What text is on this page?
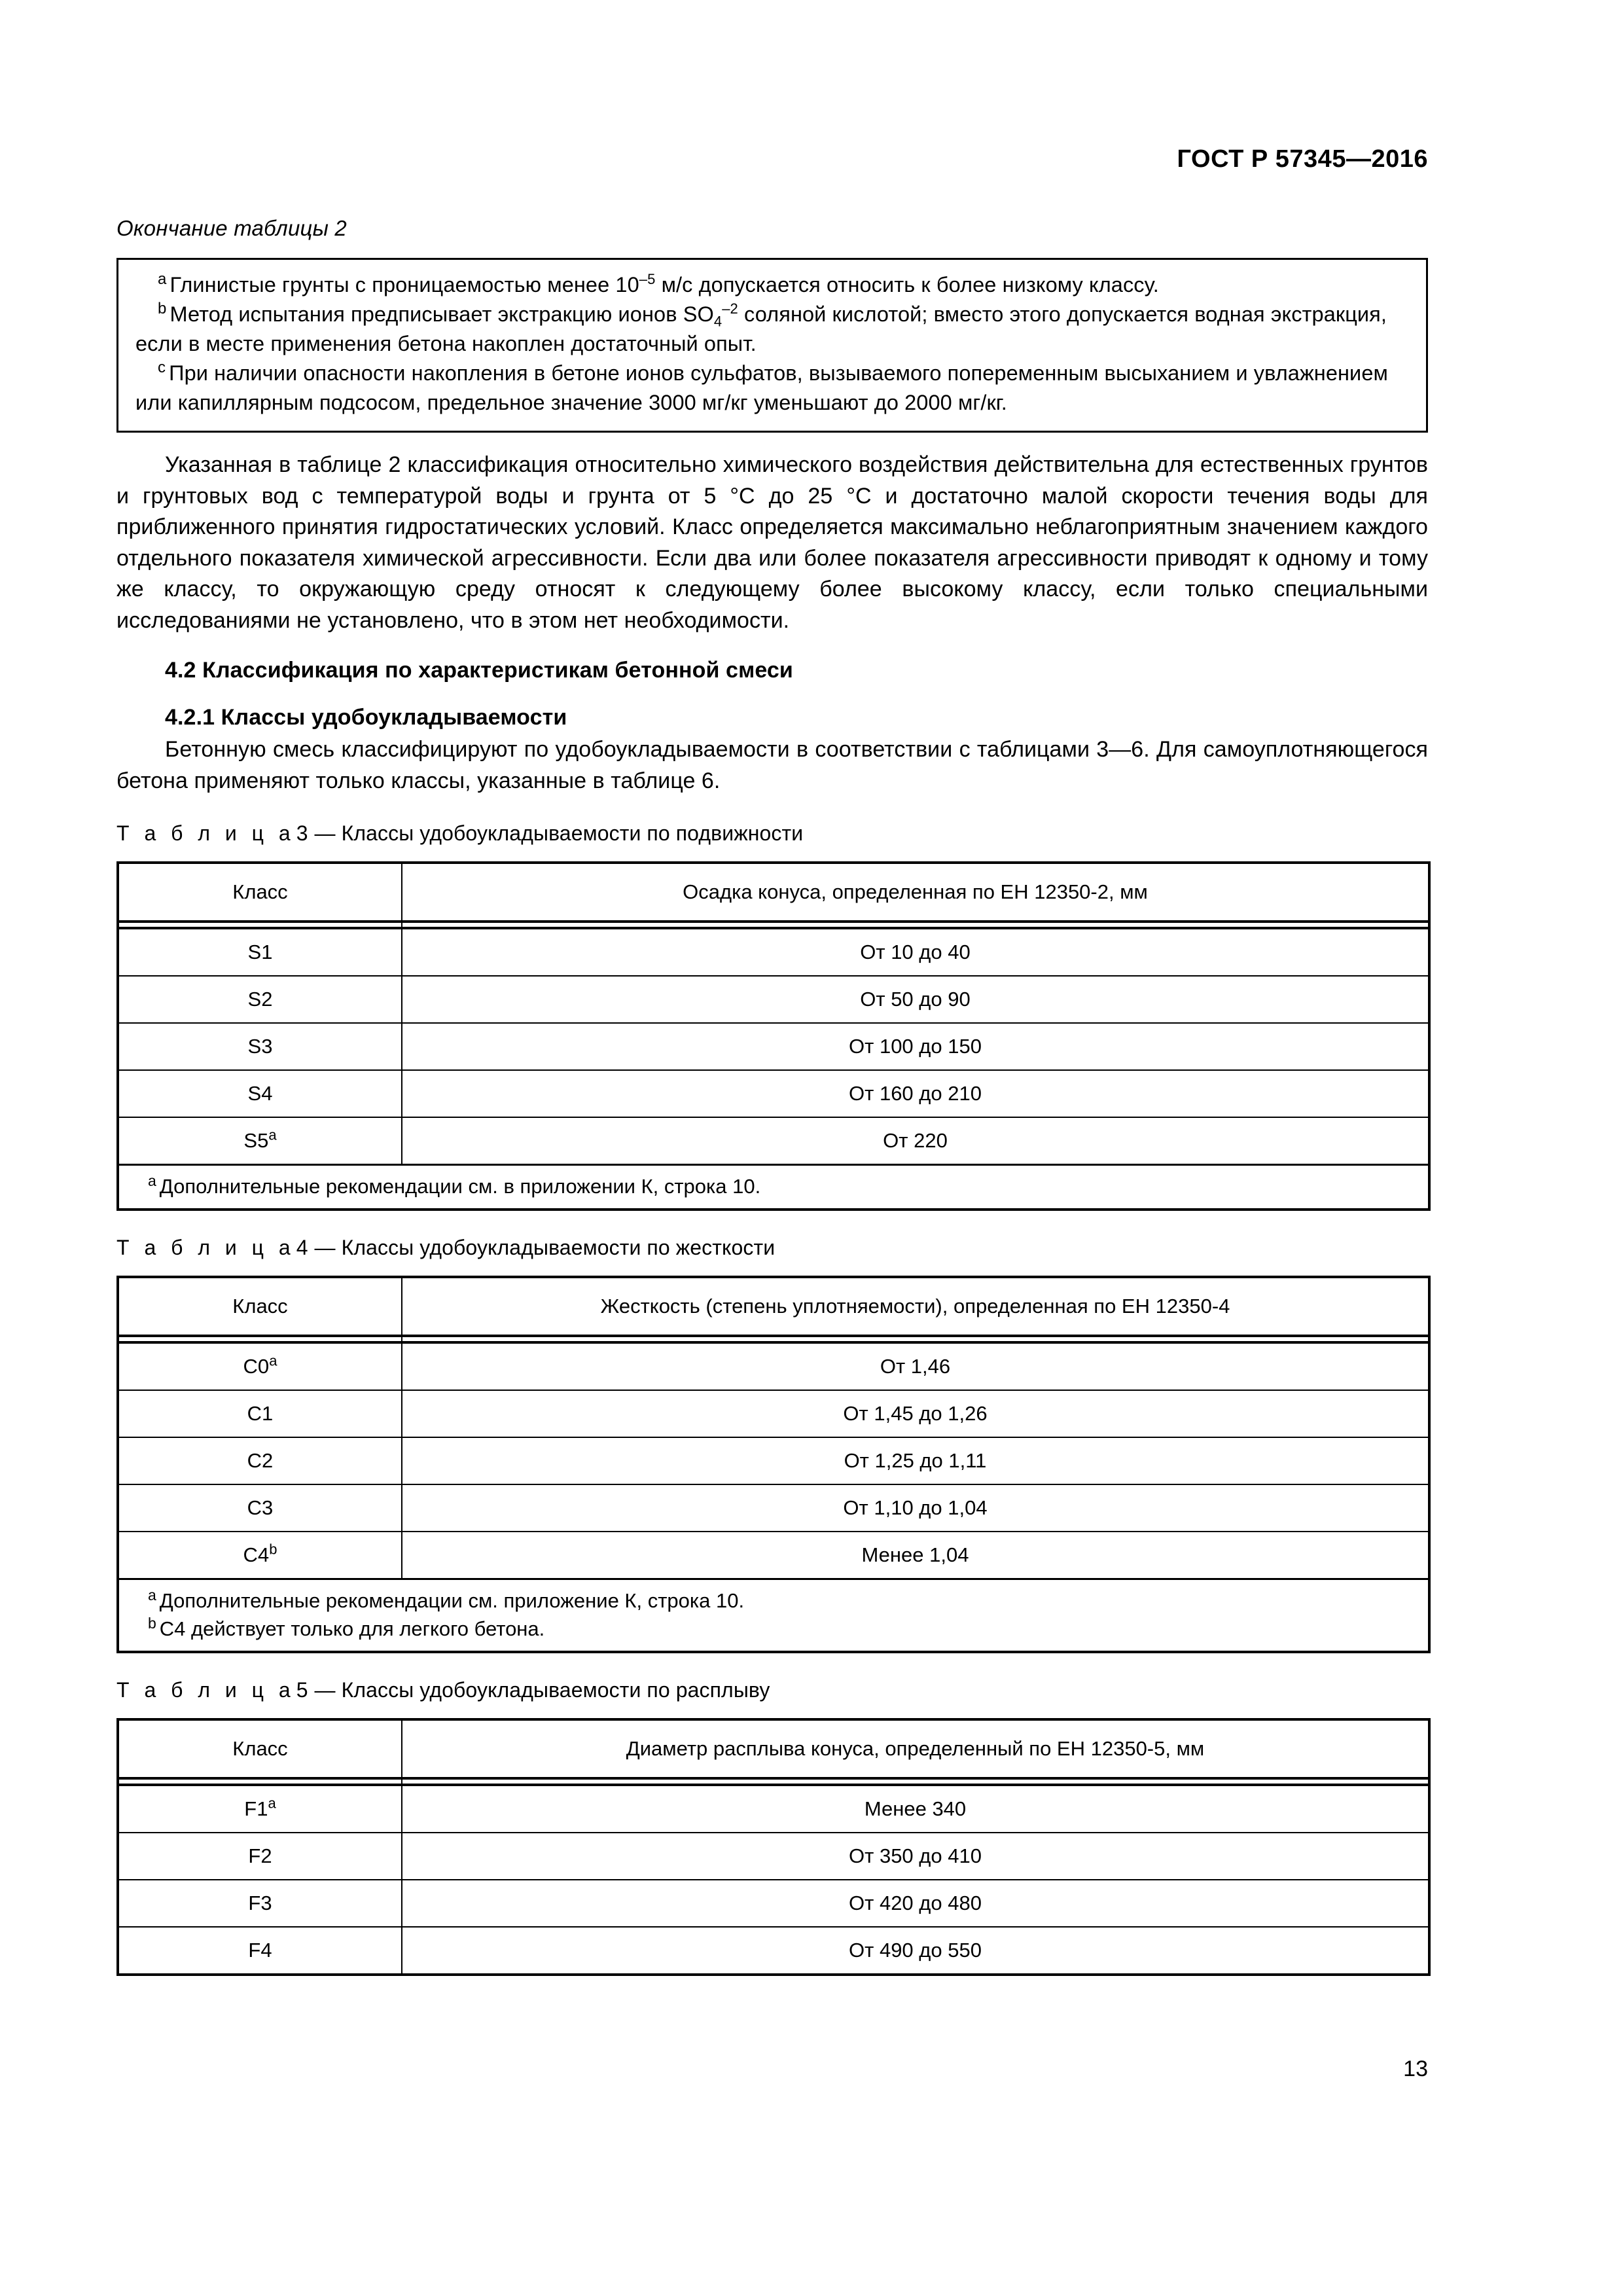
ГОСТ Р 57345—2016
Окончание таблицы 2

$^a$ Глинистые грунты с проницаемостью менее $10^{-5}$ м/с допускается относить к более низкому классу.

$^b$ Метод испытания предписывает экстракцию ионов $SO_4^{-2}$ соляной кислотой; вместо этого допускается водная экстракция, если в месте применения бетона накоплен достаточный опыт.

$^c$ При наличии опасности накопления в бетоне ионов сульфатов, вызываемого попеременным высыханием и увлажнением или капиллярным подсосом, предельное значение 3000 мг/кг уменьшают до 2000 мг/кг.

Указанная в таблице 2 классификация относительно химического воздействия действительна для естественных грунтов и грунтовых вод с температурой воды и грунта от 5 °C до 25 °C и достаточно малой скорости течения воды для приближенного принятия гидростатических условий. Класс определяется максимально неблагоприятным значением каждого отдельного показателя химической агрессивности. Если два или более показателя агрессивности приводят к одному и тому же классу, то окружающую среду относят к следующему более высокому классу, если только специальными исследованиями не установлено, что в этом нет необходимости.

4.2 Классификация по характеристикам бетонной смеси
4.2.1 Классы удобоукладываемости

Бетонную смесь классифицируют по удобоукладываемости в соответствии с таблицами 3—6. Для самоуплотняющегося бетона применяют только классы, указанные в таблице 6.

Т а б л и ц а3 — Классы удобоукладываемости по подвижности
Класс	Осадка конуса, определенная по ЕН 12350-2, мм

S1	От 10 до 40
S2	От 50 до 90
S3	От 100 до 150
S4	От 160 до 210
S5$^a$	От 220
$^a$ Дополнительные рекомендации см. в приложении К, строка 10.	
Т а б л и ц а4 — Классы удобоукладываемости по жесткости
Класс	Жесткость (степень уплотняемости), определенная по ЕН 12350-4

C0$^a$	От 1,46
C1	От 1,45 до 1,26
C2	От 1,25 до 1,11
C3	От 1,10 до 1,04
C4$^b$	Менее 1,04

$^a$ Дополнительные рекомендации см. приложение К, строка 10.
$^b$ C4 действует только для легкого бетона.	
Т а б л и ц а5 — Классы удобоукладываемости по расплыву
Класс	Диаметр расплыва конуса, определенный по ЕН 12350-5, мм

F1$^a$	Менее 340
F2	От 350 до 410
F3	От 420 до 480
F4	От 490 до 550
13
